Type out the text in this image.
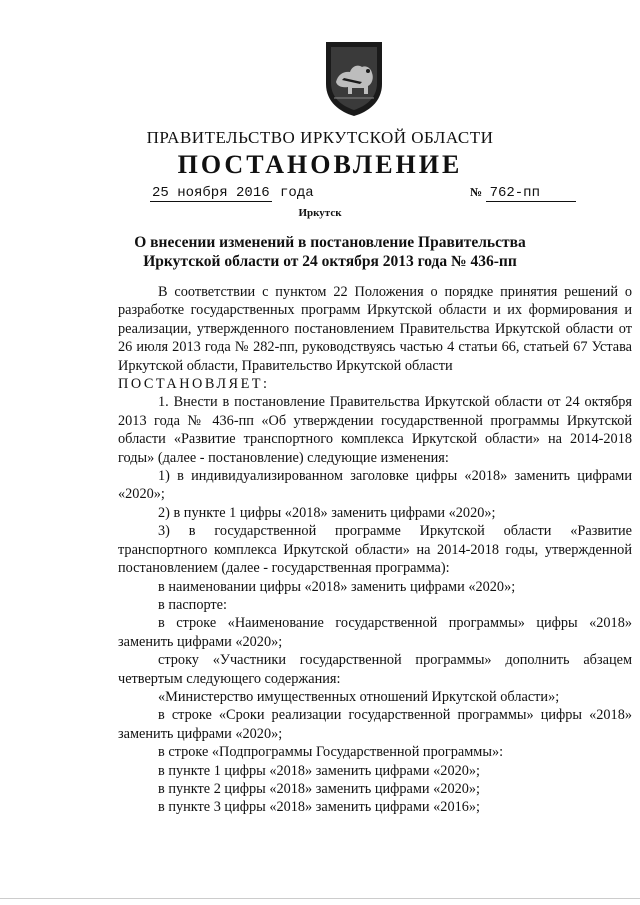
ПРАВИТЕЛЬСТВО ИРКУТСКОЙ ОБЛАСТИ
ПОСТАНОВЛЕНИЕ
25 ноября 2016 года	№ 762-пп
Иркутск
О внесении изменений в постановление Правительства Иркутской области от 24 октября 2013 года № 436-пп

В соответствии с пунктом 22 Положения о порядке принятия решений о разработке государственных программ Иркутской области и их формирования и реализации, утвержденного постановлением Правительства Иркутской области от 26 июля 2013 года № 282-пп, руководствуясь частью 4 статьи 66, статьей 67 Устава Иркутской области, Правительство Иркутской области

ПОСТАНОВЛЯЕТ:

1. Внести в постановление Правительства Иркутской области от 24 октября 2013 года № 436-пп «Об утверждении государственной программы Иркутской области «Развитие транспортного комплекса Иркутской области» на 2014-2018 годы» (далее - постановление) следующие изменения:

1) в индивидуализированном заголовке цифры «2018» заменить цифрами «2020»;

2) в пункте 1 цифры «2018» заменить цифрами «2020»;

3) в государственной программе Иркутской области «Развитие транспортного комплекса Иркутской области» на 2014-2018 годы, утвержденной постановлением (далее - государственная программа):

в наименовании цифры «2018» заменить цифрами «2020»;

в паспорте:

в строке «Наименование государственной программы» цифры «2018» заменить цифрами «2020»;

строку «Участники государственной программы» дополнить абзацем четвертым следующего содержания:

«Министерство имущественных отношений Иркутской области»;

в строке «Сроки реализации государственной программы» цифры «2018» заменить цифрами «2020»;

в строке «Подпрограммы Государственной программы»:

в пункте 1 цифры «2018» заменить цифрами «2020»;

в пункте 2 цифры «2018» заменить цифрами «2020»;

в пункте 3 цифры «2018» заменить цифрами «2016»;
